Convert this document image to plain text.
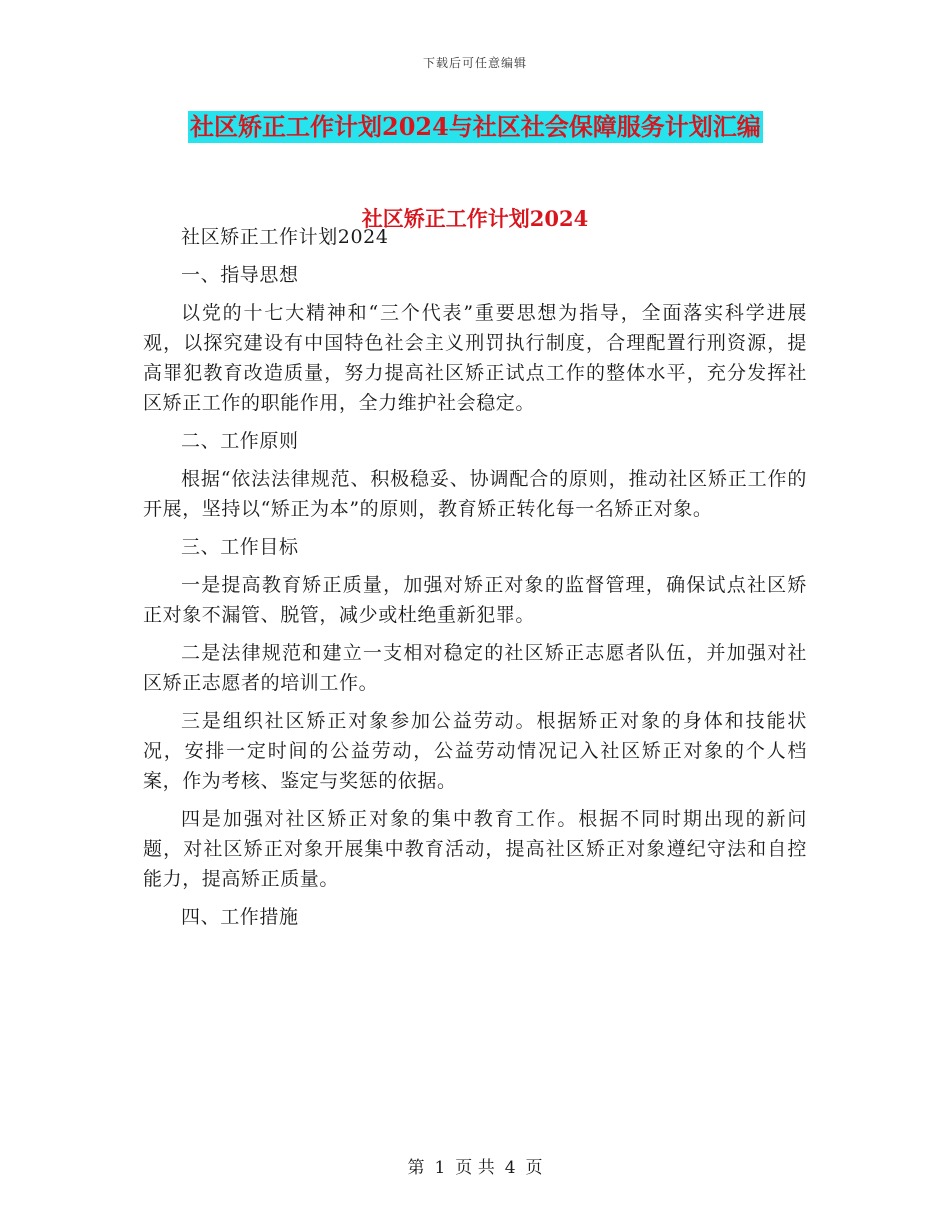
下载后可任意编辑
社区矫正工作计划2024与社区社会保障服务计划汇编
社区矫正工作计划2024

社区矫正工作计划2024

一、指导思想

以党的十七大精神和“三个代表”重要思想为指导，全面落实科学进展观，以探究建设有中国特色社会主义刑罚执行制度，合理配置行刑资源，提高罪犯教育改造质量，努力提高社区矫正试点工作的整体水平，充分发挥社区矫正工作的职能作用，全力维护社会稳定。

二、工作原则

根据“依法法律规范、积极稳妥、协调配合的原则，推动社区矫正工作的开展，坚持以“矫正为本”的原则，教育矫正转化每一名矫正对象。

三、工作目标

一是提高教育矫正质量，加强对矫正对象的监督管理，确保试点社区矫正对象不漏管、脱管，减少或杜绝重新犯罪。

二是法律规范和建立一支相对稳定的社区矫正志愿者队伍，并加强对社区矫正志愿者的培训工作。

三是组织社区矫正对象参加公益劳动。根据矫正对象的身体和技能状况，安排一定时间的公益劳动，公益劳动情况记入社区矫正对象的个人档案，作为考核、鉴定与奖惩的依据。

四是加强对社区矫正对象的集中教育工作。根据不同时期出现的新问题，对社区矫正对象开展集中教育活动，提高社区矫正对象遵纪守法和自控能力，提高矫正质量。

四、工作措施

第 1 页 共 4 页
